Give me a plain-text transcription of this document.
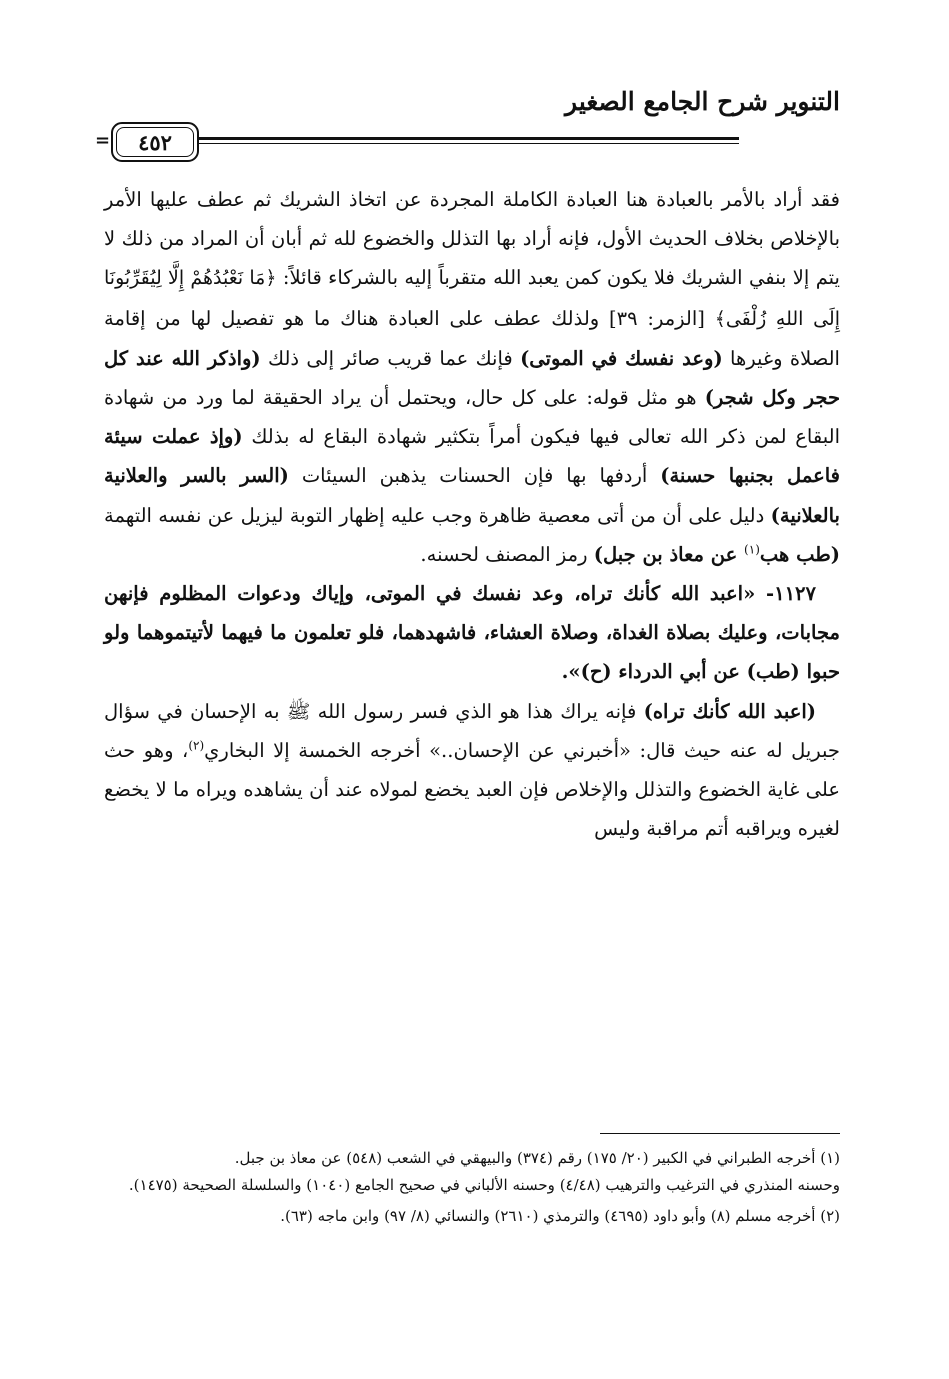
التنوير شرح الجامع الصغير
٤٥٢
=

فقد أراد بالأمر بالعبادة هنا العبادة الكاملة المجردة عن اتخاذ الشريك ثم عطف عليها الأمر بالإخلاص بخلاف الحديث الأول، فإنه أراد بها التذلل والخضوع لله ثم أبان أن المراد من ذلك لا يتم إلا بنفي الشريك فلا يكون كمن يعبد الله متقرباً إليه بالشركاء قائلاً: ﴿مَا نَعْبُدُهُمْ إِلَّا لِيُقَرِّبُونَا إِلَى اللهِ زُلْفَى﴾ [الزمر: ٣٩] ولذلك عطف على العبادة هناك ما هو تفصيل لها من إقامة الصلاة وغيرها (وعد نفسك في الموتى) فإنك عما قريب صائر إلى ذلك (واذكر الله عند كل حجر وكل شجر) هو مثل قوله: على كل حال، ويحتمل أن يراد الحقيقة لما ورد من شهادة البقاع لمن ذكر الله تعالى فيها فيكون أمراً بتكثير شهادة البقاع له بذلك (وإذ عملت سيئة فاعمل بجنبها حسنة) أردفها بها فإن الحسنات يذهبن السيئات (السر بالسر والعلانية بالعلانية) دليل على أن من أتى معصية ظاهرة وجب عليه إظهار التوبة ليزيل عن نفسه التهمة (طب هب$^{(١)}$ عن معاذ بن جبل) رمز المصنف لحسنه.

١١٢٧- «اعبد الله كأنك تراه، وعد نفسك في الموتى، وإياك ودعوات المظلوم فإنهن مجابات، وعليك بصلاة الغداة، وصلاة العشاء، فاشهدهما، فلو تعلمون ما فيهما لأتيتموهما ولو حبوا (طب) عن أبي الدرداء (ح)».

(اعبد الله كأنك تراه) فإنه يراك هذا هو الذي فسر رسول الله ﷺ به الإحسان في سؤال جبريل له عنه حيث قال: «أخبرني عن الإحسان..» أخرجه الخمسة إلا البخاري$^{(٢)}$، وهو حث على غاية الخضوع والتذلل والإخلاص فإن العبد يخضع لمولاه عند أن يشاهده ويراه ما لا يخضع لغيره ويراقبه أتم مراقبة وليس

(١) أخرجه الطبراني في الكبير (٢٠/ ١٧٥) رقم (٣٧٤) والبيهقي في الشعب (٥٤٨) عن معاذ بن جبل.

وحسنه المنذري في الترغيب والترهيب (٤/٤٨) وحسنه الألباني في صحيح الجامع (١٠٤٠) والسلسلة الصحيحة (١٤٧٥).

(٢) أخرجه مسلم (٨) وأبو داود (٤٦٩٥) والترمذي (٢٦١٠) والنسائي (٨/ ٩٧) وابن ماجه (٦٣).
